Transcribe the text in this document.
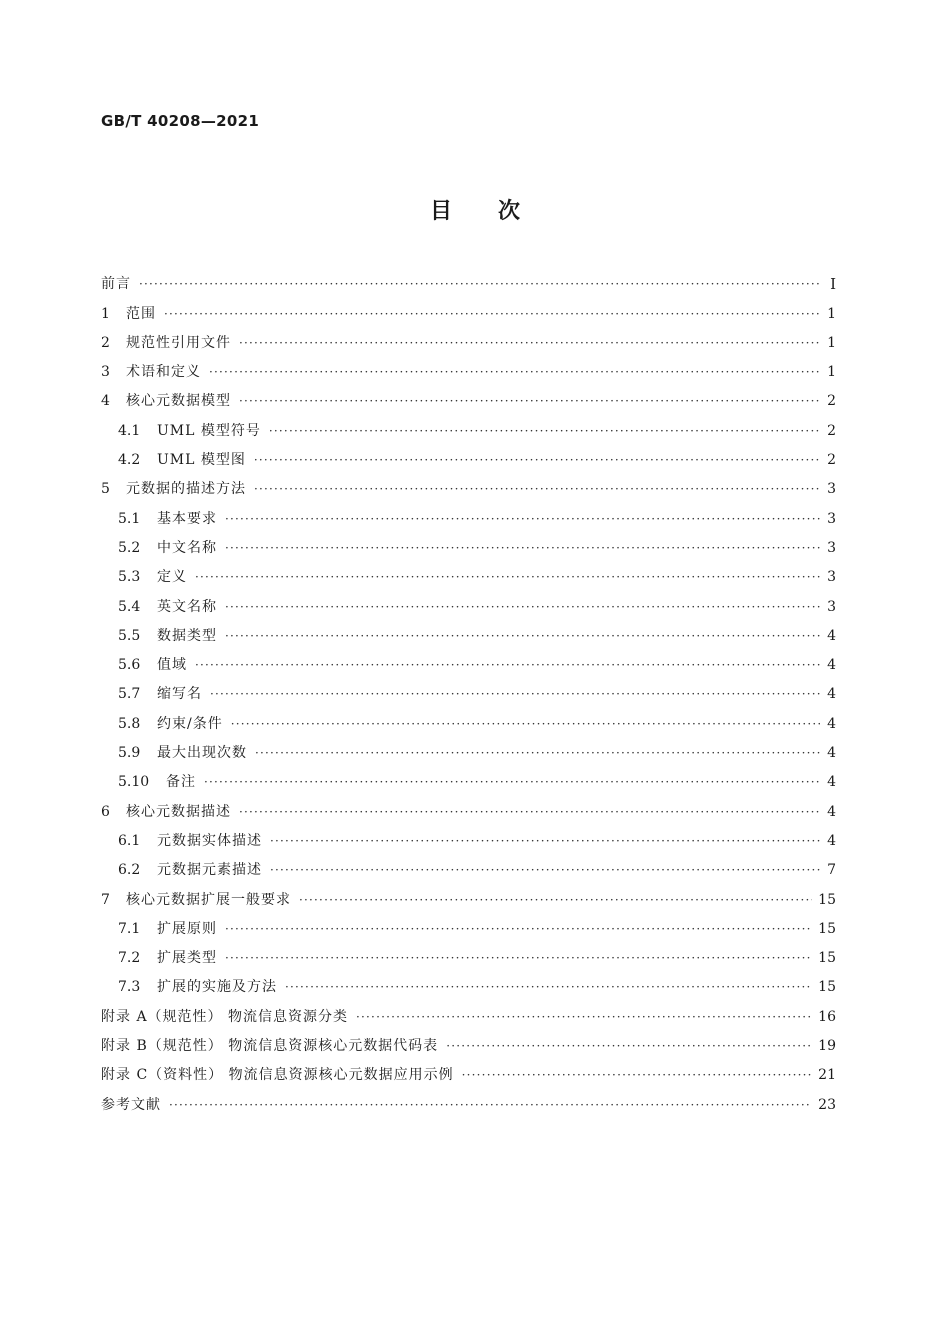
GB/T 40208—2021
目次
前言 ·····	I
1	范围 ·····	1
2	规范性引用文件 ·····	1
3	术语和定义 ·····	1
4	核心元数据模型 ·····	2
4.1	UML 模型符号 ·····	2
4.2	UML 模型图 ·····	2
5	元数据的描述方法 ·····	3
5.1	基本要求 ·····	3
5.2	中文名称 ·····	3
5.3	定义 ·····	3
5.4	英文名称 ·····	3
5.5	数据类型 ·····	4
5.6	值域 ·····	4
5.7	缩写名 ·····	4
5.8	约束/条件 ·····	4
5.9	最大出现次数 ·····	4
5.10	备注 ·····	4
6	核心元数据描述 ·····	4
6.1	元数据实体描述 ·····	4
6.2	元数据元素描述 ·····	7
7	核心元数据扩展一般要求 ·····	15
7.1	扩展原则 ·····	15
7.2	扩展类型 ·····	15
7.3	扩展的实施及方法 ·····	15
附录 A（规范性） 物流信息资源分类 ·····	16
附录 B（规范性） 物流信息资源核心元数据代码表 ·····	19
附录 C（资料性） 物流信息资源核心元数据应用示例 ·····	21
参考文献 ·····	23
